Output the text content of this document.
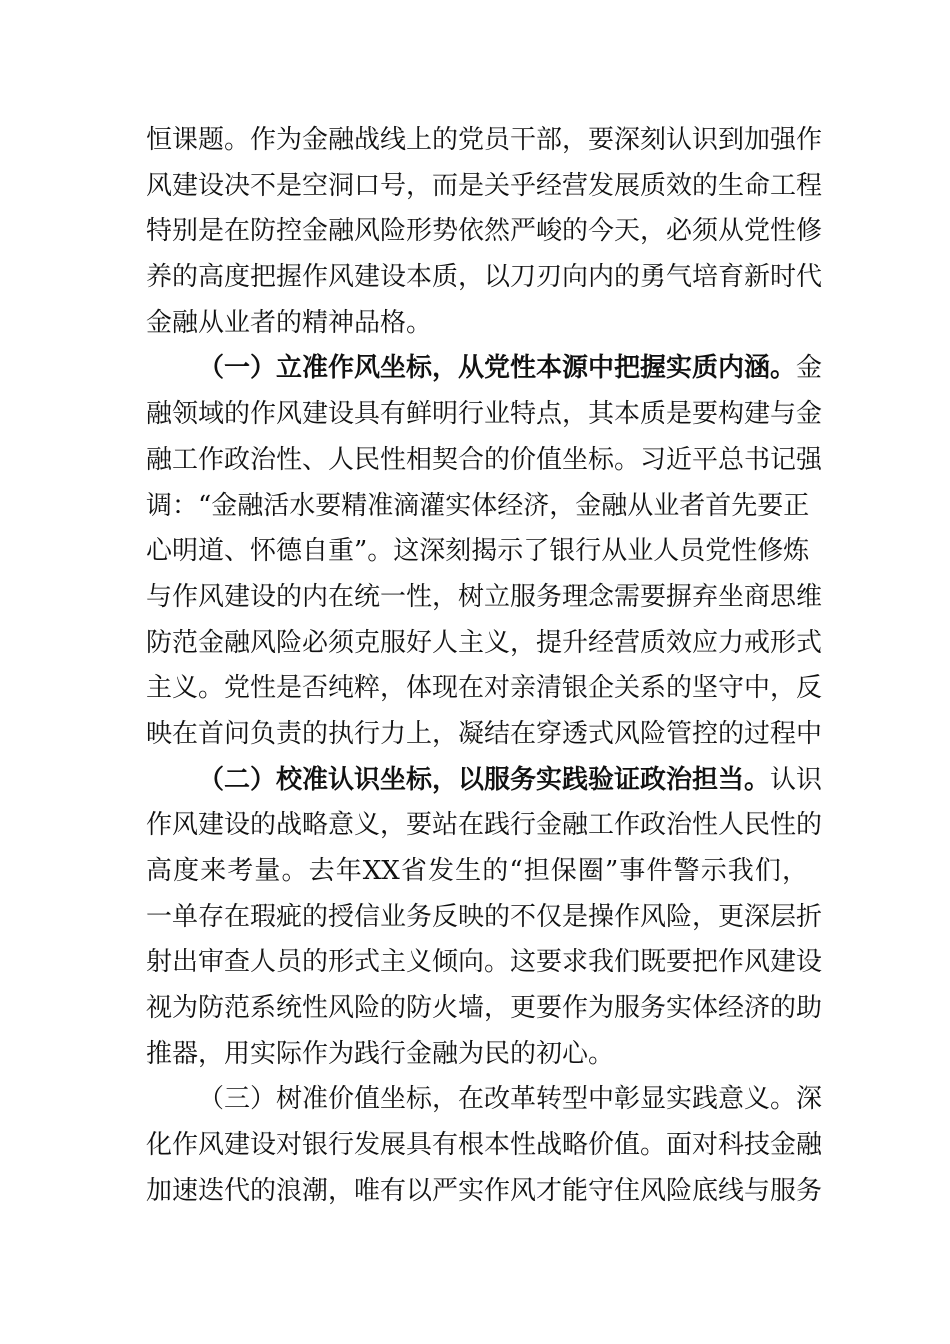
恒课题。作为金融战线上的党员干部，要深刻认识到加强作
风建设决不是空洞口号，而是关乎经营发展质效的生命工程
特别是在防控金融风险形势依然严峻的今天，必须从党性修
养的高度把握作风建设本质，以刀刃向内的勇气培育新时代
金融从业者的精神品格。
（一）立准作风坐标，从党性本源中把握实质内涵。金
融领域的作风建设具有鲜明行业特点，其本质是要构建与金
融工作政治性、人民性相契合的价值坐标。习近平总书记强
调：“金融活水要精准滴灌实体经济，金融从业者首先要正
心明道、怀德自重”。这深刻揭示了银行从业人员党性修炼
与作风建设的内在统一性，树立服务理念需要摒弃坐商思维
防范金融风险必须克服好人主义，提升经营质效应力戒形式
主义。党性是否纯粹，体现在对亲清银企关系的坚守中，反
映在首问负责的执行力上，凝结在穿透式风险管控的过程中
（二）校准认识坐标，以服务实践验证政治担当。认识
作风建设的战略意义，要站在践行金融工作政治性人民性的
高度来考量。去年XX省发生的“担保圈”事件警示我们，
一单存在瑕疵的授信业务反映的不仅是操作风险，更深层折
射出审查人员的形式主义倾向。这要求我们既要把作风建设
视为防范系统性风险的防火墙，更要作为服务实体经济的助
推器，用实际作为践行金融为民的初心。
（三）树准价值坐标，在改革转型中彰显实践意义。深
化作风建设对银行发展具有根本性战略价值。面对科技金融
加速迭代的浪潮，唯有以严实作风才能守住风险底线与服务
